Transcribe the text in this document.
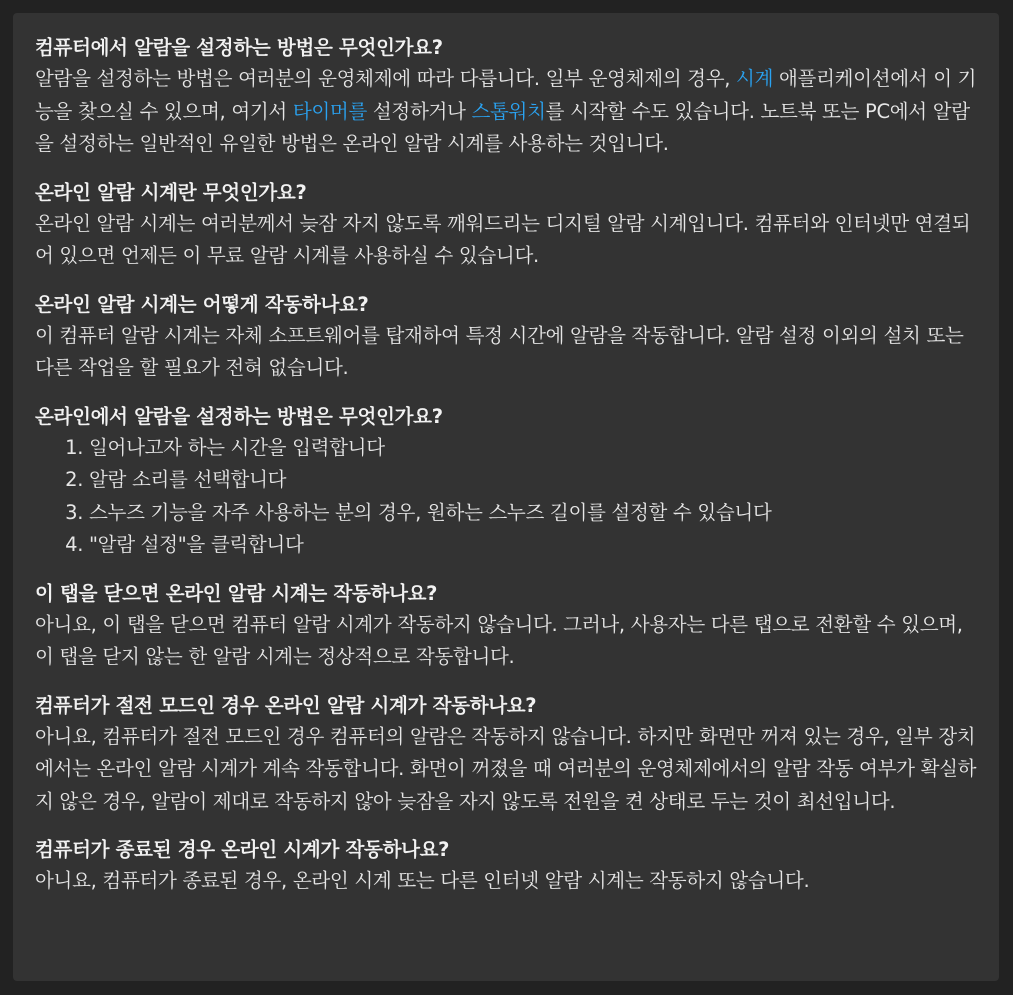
컴퓨터에서 알람을 설정하는 방법은 무엇인가요?

알람을 설정하는 방법은 여러분의 운영체제에 따라 다릅니다. 일부 운영체제의 경우, 시계 애플리케이션에서 이 기능을 찾으실 수 있으며, 여기서 타이머를 설정하거나 스톱워치를 시작할 수도 있습니다. 노트북 또는 PC에서 알람을 설정하는 일반적인 유일한 방법은 온라인 알람 시계를 사용하는 것입니다.

온라인 알람 시계란 무엇인가요?

온라인 알람 시계는 여러분께서 늦잠 자지 않도록 깨워드리는 디지털 알람 시계입니다. 컴퓨터와 인터넷만 연결되어 있으면 언제든 이 무료 알람 시계를 사용하실 수 있습니다.

온라인 알람 시계는 어떻게 작동하나요?

이 컴퓨터 알람 시계는 자체 소프트웨어를 탑재하여 특정 시간에 알람을 작동합니다. 알람 설정 이외의 설치 또는 다른 작업을 할 필요가 전혀 없습니다.

온라인에서 알람을 설정하는 방법은 무엇인가요?
1. 일어나고자 하는 시간을 입력합니다
2. 알람 소리를 선택합니다
3. 스누즈 기능을 자주 사용하는 분의 경우, 원하는 스누즈 길이를 설정할 수 있습니다
4. "알람 설정"을 클릭합니다
이 탭을 닫으면 온라인 알람 시계는 작동하나요?

아니요, 이 탭을 닫으면 컴퓨터 알람 시계가 작동하지 않습니다. 그러나, 사용자는 다른 탭으로 전환할 수 있으며, 이 탭을 닫지 않는 한 알람 시계는 정상적으로 작동합니다.

컴퓨터가 절전 모드인 경우 온라인 알람 시계가 작동하나요?

아니요, 컴퓨터가 절전 모드인 경우 컴퓨터의 알람은 작동하지 않습니다. 하지만 화면만 꺼져 있는 경우, 일부 장치에서는 온라인 알람 시계가 계속 작동합니다. 화면이 꺼졌을 때 여러분의 운영체제에서의 알람 작동 여부가 확실하지 않은 경우, 알람이 제대로 작동하지 않아 늦잠을 자지 않도록 전원을 켠 상태로 두는 것이 최선입니다.

컴퓨터가 종료된 경우 온라인 시계가 작동하나요?

아니요, 컴퓨터가 종료된 경우, 온라인 시계 또는 다른 인터넷 알람 시계는 작동하지 않습니다.
